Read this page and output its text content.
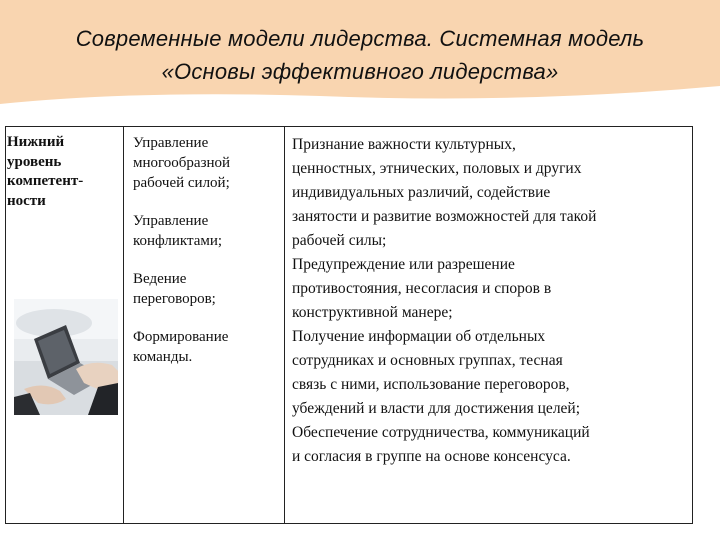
Современные модели лидерства. Системная модель
«Основы эффективного лидерства»
Нижний
уровень
компетент-
ности
Управление
многообразной
рабочей силой;
Управление
конфликтами;
Ведение
переговоров;
Формирование
команды.
Признание важности культурных,
ценностных, этнических, половых и других
индивидуальных различий, содействие
занятости и развитие возможностей для такой
рабочей силы;
Предупреждение или разрешение
противостояния, несогласия и споров в
конструктивной манере;
Получение информации об отдельных
сотрудниках и основных группах, тесная
связь с ними, использование переговоров,
убеждений и власти для достижения целей;
Обеспечение сотрудничества, коммуникаций
и согласия в группе на основе консенсуса.
